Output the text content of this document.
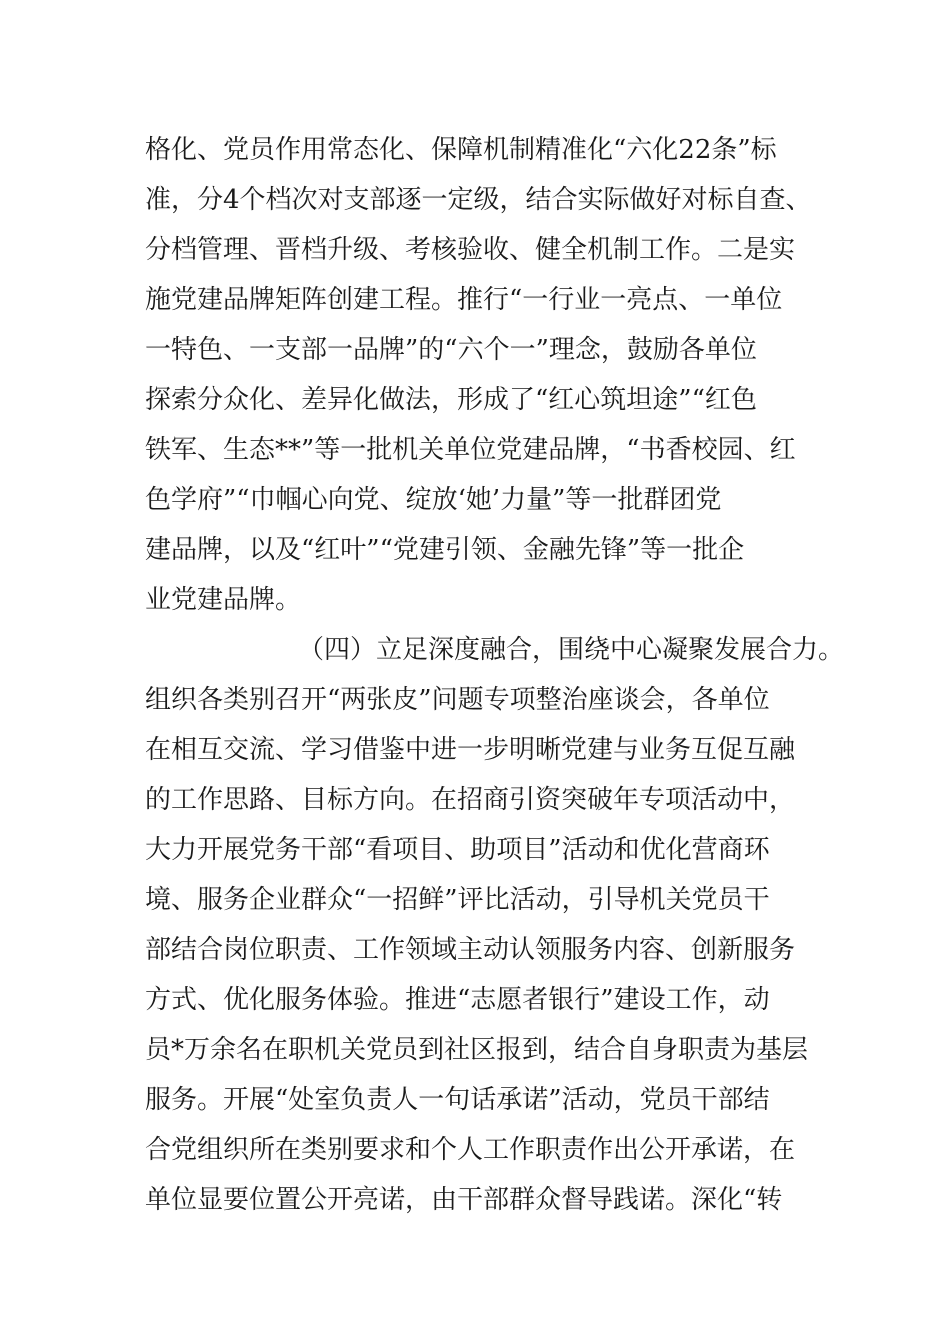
格化、党员作用常态化、保障机制精准化“六化22条”标
准，分4个档次对支部逐一定级，结合实际做好对标自查、
分档管理、晋档升级、考核验收、健全机制工作。二是实
施党建品牌矩阵创建工程。推行“一行业一亮点、一单位
一特色、一支部一品牌”的“六个一”理念，鼓励各单位
探索分众化、差异化做法，形成了“红心筑坦途”“红色
铁军、生态**”等一批机关单位党建品牌，“书香校园、红
色学府”“巾帼心向党、绽放‘她’力量”等一批群团党
建品牌，以及“红叶”“党建引领、金融先锋”等一批企
业党建品牌。
（四）立足深度融合，围绕中心凝聚发展合力。
组织各类别召开“两张皮”问题专项整治座谈会，各单位
在相互交流、学习借鉴中进一步明晰党建与业务互促互融
的工作思路、目标方向。在招商引资突破年专项活动中，
大力开展党务干部“看项目、助项目”活动和优化营商环
境、服务企业群众“一招鲜”评比活动，引导机关党员干
部结合岗位职责、工作领域主动认领服务内容、创新服务
方式、优化服务体验。推进“志愿者银行”建设工作，动
员*万余名在职机关党员到社区报到，结合自身职责为基层
服务。开展“处室负责人一句话承诺”活动，党员干部结
合党组织所在类别要求和个人工作职责作出公开承诺，在
单位显要位置公开亮诺，由干部群众督导践诺。深化“转
